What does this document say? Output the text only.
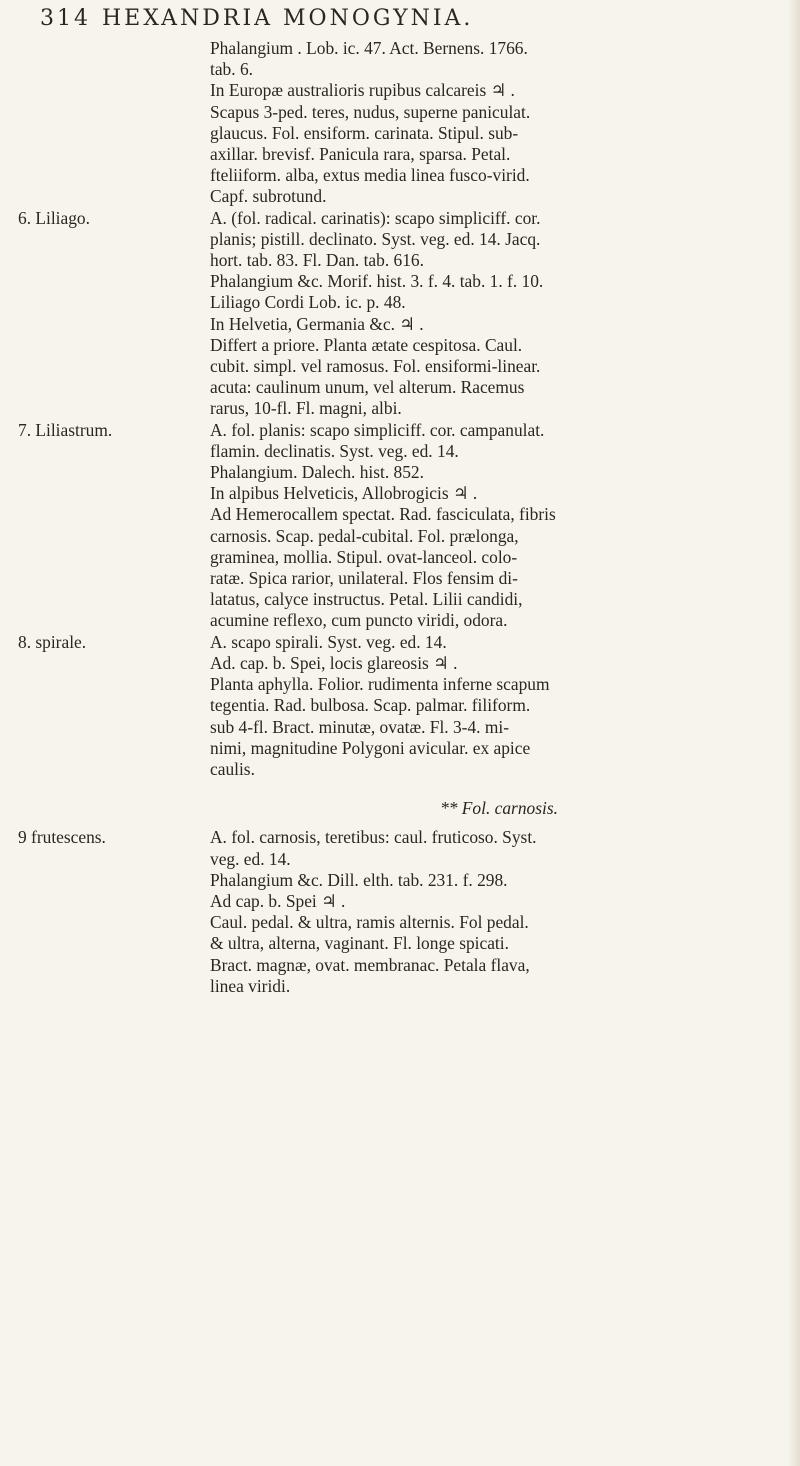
314 HEXANDRIA MONOGYNIA.
Phalangium . Lob. ic. 47. Act. Bernens. 1766.
tab. 6.
In Europæ australioris rupibus calcareis ♃ .
Scapus 3-ped. teres, nudus, superne paniculat.
glaucus. Fol. ensiform. carinata. Stipul. sub-
axillar. brevisf. Panicula rara, sparsa. Petal.
fteliiform. alba, extus media linea fusco-virid.
Capf. subrotund.
6. Liliago.	A. (fol. radical. carinatis): scapo simpliciff. cor.
planis; pistill. declinato. Syst. veg. ed. 14. Jacq.
hort. tab. 83. Fl. Dan. tab. 616.
Phalangium &c. Morif. hist. 3. f. 4. tab. 1. f. 10.
Liliago Cordi Lob. ic. p. 48.
In Helvetia, Germania &c. ♃ .
Differt a priore. Planta ætate cespitosa. Caul.
cubit. simpl. vel ramosus. Fol. ensiformi-linear.
acuta: caulinum unum, vel alterum. Racemus
rarus, 10-fl. Fl. magni, albi.
7. Liliastrum.	A. fol. planis: scapo simpliciff. cor. campanulat.
flamin. declinatis. Syst. veg. ed. 14.
Phalangium. Dalech. hist. 852.
In alpibus Helveticis, Allobrogicis ♃ .
Ad Hemerocallem spectat. Rad. fasciculata, fibris
carnosis. Scap. pedal-cubital. Fol. prælonga,
graminea, mollia. Stipul. ovat-lanceol. colo-
ratæ. Spica rarior, unilateral. Flos fensim di-
latatus, calyce instructus. Petal. Lilii candidi,
acumine reflexo, cum puncto viridi, odora.
8. spirale.	A. scapo spirali. Syst. veg. ed. 14.
Ad. cap. b. Spei, locis glareosis ♃ .
Planta aphylla. Folior. rudimenta inferne scapum
tegentia. Rad. bulbosa. Scap. palmar. filiform.
sub 4-fl. Bract. minutæ, ovatæ. Fl. 3-4. mi-
nimi, magnitudine Polygoni avicular. ex apice
caulis.
** Fol. carnosis.
9 frutescens.	A. fol. carnosis, teretibus: caul. fruticoso. Syst.
veg. ed. 14.
Phalangium &c. Dill. elth. tab. 231. f. 298.
Ad cap. b. Spei ♃ .
Caul. pedal. & ultra, ramis alternis. Fol pedal.
& ultra, alterna, vaginant. Fl. longe spicati.
Bract. magnæ, ovat. membranac. Petala flava,
linea viridi.
